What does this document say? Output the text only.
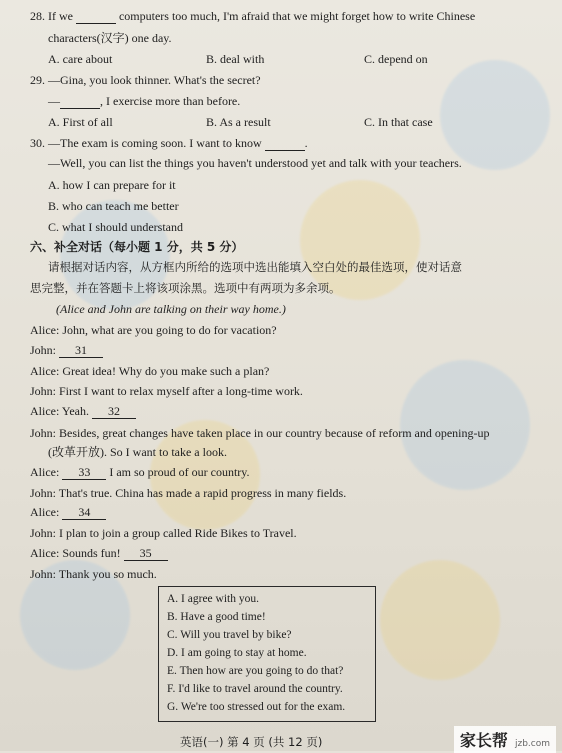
28. If we	computers too much, I'm afraid that we might forget how to write Chinese
characters(汉字) one day.
A. care about	B. deal with	C. depend on
29. —Gina, you look thinner. What's the secret?
—	, I exercise more than before.
A. First of all	B. As a result	C. In that case
30. —The exam is coming soon. I want to know	.
—Well, you can list the things you haven't understood yet and talk with your teachers.
A. how I can prepare for it
B. who can teach me better
C. what I should understand
六、补全对话（每小题 1 分，共 5 分）
请根据对话内容，从方框内所给的选项中选出能填入空白处的最佳选项，使对话意
思完整，并在答题卡上将该项涂黑。选项中有两项为多余项。
(Alice and John are talking on their way home.)
Alice: John, what are you going to do for vacation?
John: 31
Alice: Great idea! Why do you make such a plan?
John: First I want to relax myself after a long-time work.
Alice: Yeah. 32
John: Besides, great changes have taken place in our country because of reform and opening-up
(改革开放). So I want to take a look.
Alice: 33 I am so proud of our country.
John: That's true. China has made a rapid progress in many fields.
Alice: 34
John: I plan to join a group called Ride Bikes to Travel.
Alice: Sounds fun! 35
John: Thank you so much.
A. I agree with you.
B. Have a good time!
C. Will you travel by bike?
D. I am going to stay at home.
E. Then how are you going to do that?
F. I'd like to travel around the country.
G. We're too stressed out for the exam.
英语(一) 第 4 页 (共 12 页)	家长帮 jzb.com
